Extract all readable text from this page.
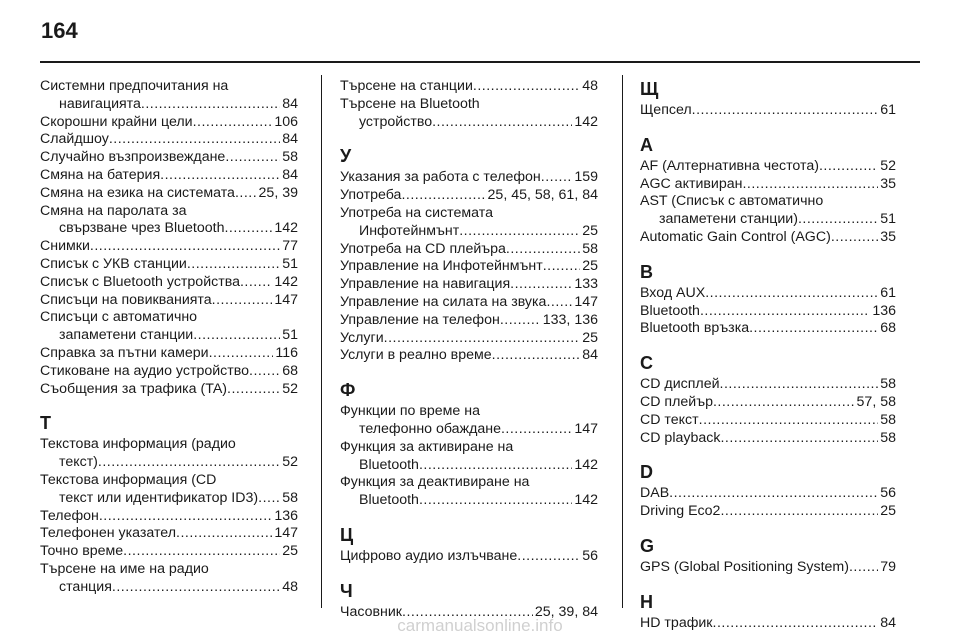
164
Системни предпочитания на
навигацията .....	84
Скорошни крайни цели .....	106
Слайдшоу .....	84
Случайно възпроизвеждане .....	58
Смяна на батерия .....	84
Смяна на езика на системата ..... 25, 39
Смяна на паролата за
свързване чрез Bluetooth .....	142
Снимки .....	77
Списък с УКВ станции .....	51
Списък с Bluetooth устройства ..... 142
Списъци на повикванията .....	147
Списъци с автоматично
запаметени станции .....	51
Справка за пътни камери .....	116
Стиковане на аудио устройство ..... 68
Съобщения за трафика (TA) .....	52
Т
Текстова информация (радио
текст) .....	52
Текстова информация (CD
текст или идентификатор ID3) ..... 58
Телефон .....	136
Телефонен указател .....	147
Точно време .....	25
Търсене на име на радио
станция .....	48
Търсене на станции .....	48
Търсене на Bluetooth
устройство .....	142
У
Указания за работа с телефон ..... 159
Употреба .....	25, 45, 58, 61, 84
Употреба на системата
Инфотейнмънт .....	25
Употреба на CD плейъра .....	58
Управление на Инфотейнмънт .....	25
Управление на навигация .....	133
Управление на силата на звука ..... 147
Управление на телефон .....	133, 136
Услуги .....	25
Услуги в реално време .....	84
Ф
Функции по време на
телефонно обаждане .....	147
Функция за активиране на
Bluetooth .....	142
Функция за деактивиране на
Bluetooth .....	142
Ц
Цифрово аудио излъчване .....	56
Ч
Часовник .....	25, 39, 84
Щ
Щепсел .....	61
A
AF (Алтернативна честота) .....	52
AGC активиран .....	35
AST (Списък с автоматично
запаметени станции) .....	51
Automatic Gain Control (AGC) .....	35
B
Вход AUX .....	61
Bluetooth .....	136
Bluetooth връзка .....	68
C
CD дисплей .....	58
CD плейър .....	57, 58
CD текст .....	58
CD playback .....	58
D
DAB .....	56
Driving Eco2 .....	25
G
GPS (Global Positioning System) ..... 79
H
HD трафик .....	84
carmanualsonline.info
